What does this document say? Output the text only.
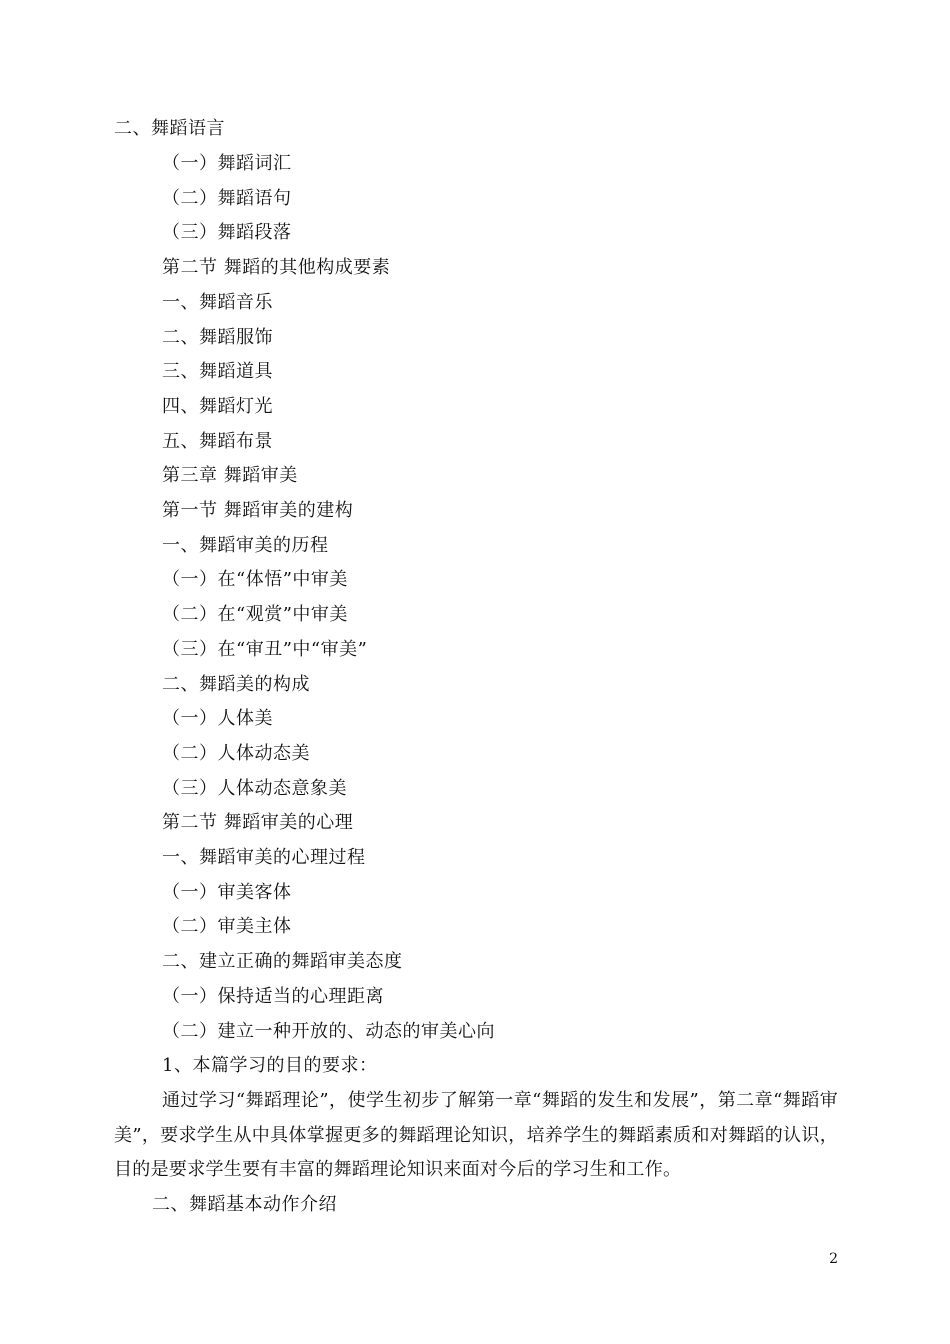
二、舞蹈语言
（一）舞蹈词汇
（二）舞蹈语句
（三）舞蹈段落
第二节 舞蹈的其他构成要素
一、舞蹈音乐
二、舞蹈服饰
三、舞蹈道具
四、舞蹈灯光
五、舞蹈布景
第三章 舞蹈审美
第一节 舞蹈审美的建构
一、舞蹈审美的历程
（一）在“体悟”中审美
（二）在“观赏”中审美
（三）在“审丑”中“审美”
二、舞蹈美的构成
（一）人体美
（二）人体动态美
（三）人体动态意象美
第二节 舞蹈审美的心理
一、舞蹈审美的心理过程
（一）审美客体
（二）审美主体
二、建立正确的舞蹈审美态度
（一）保持适当的心理距离
（二）建立一种开放的、动态的审美心向
1、本篇学习的目的要求：
通过学习“舞蹈理论”，使学生初步了解第一章“舞蹈的发生和发展”，第二章“舞蹈审美”，要求学生从中具体掌握更多的舞蹈理论知识，培养学生的舞蹈素质和对舞蹈的认识，目的是要求学生要有丰富的舞蹈理论知识来面对今后的学习生和工作。
二、舞蹈基本动作介绍
2
